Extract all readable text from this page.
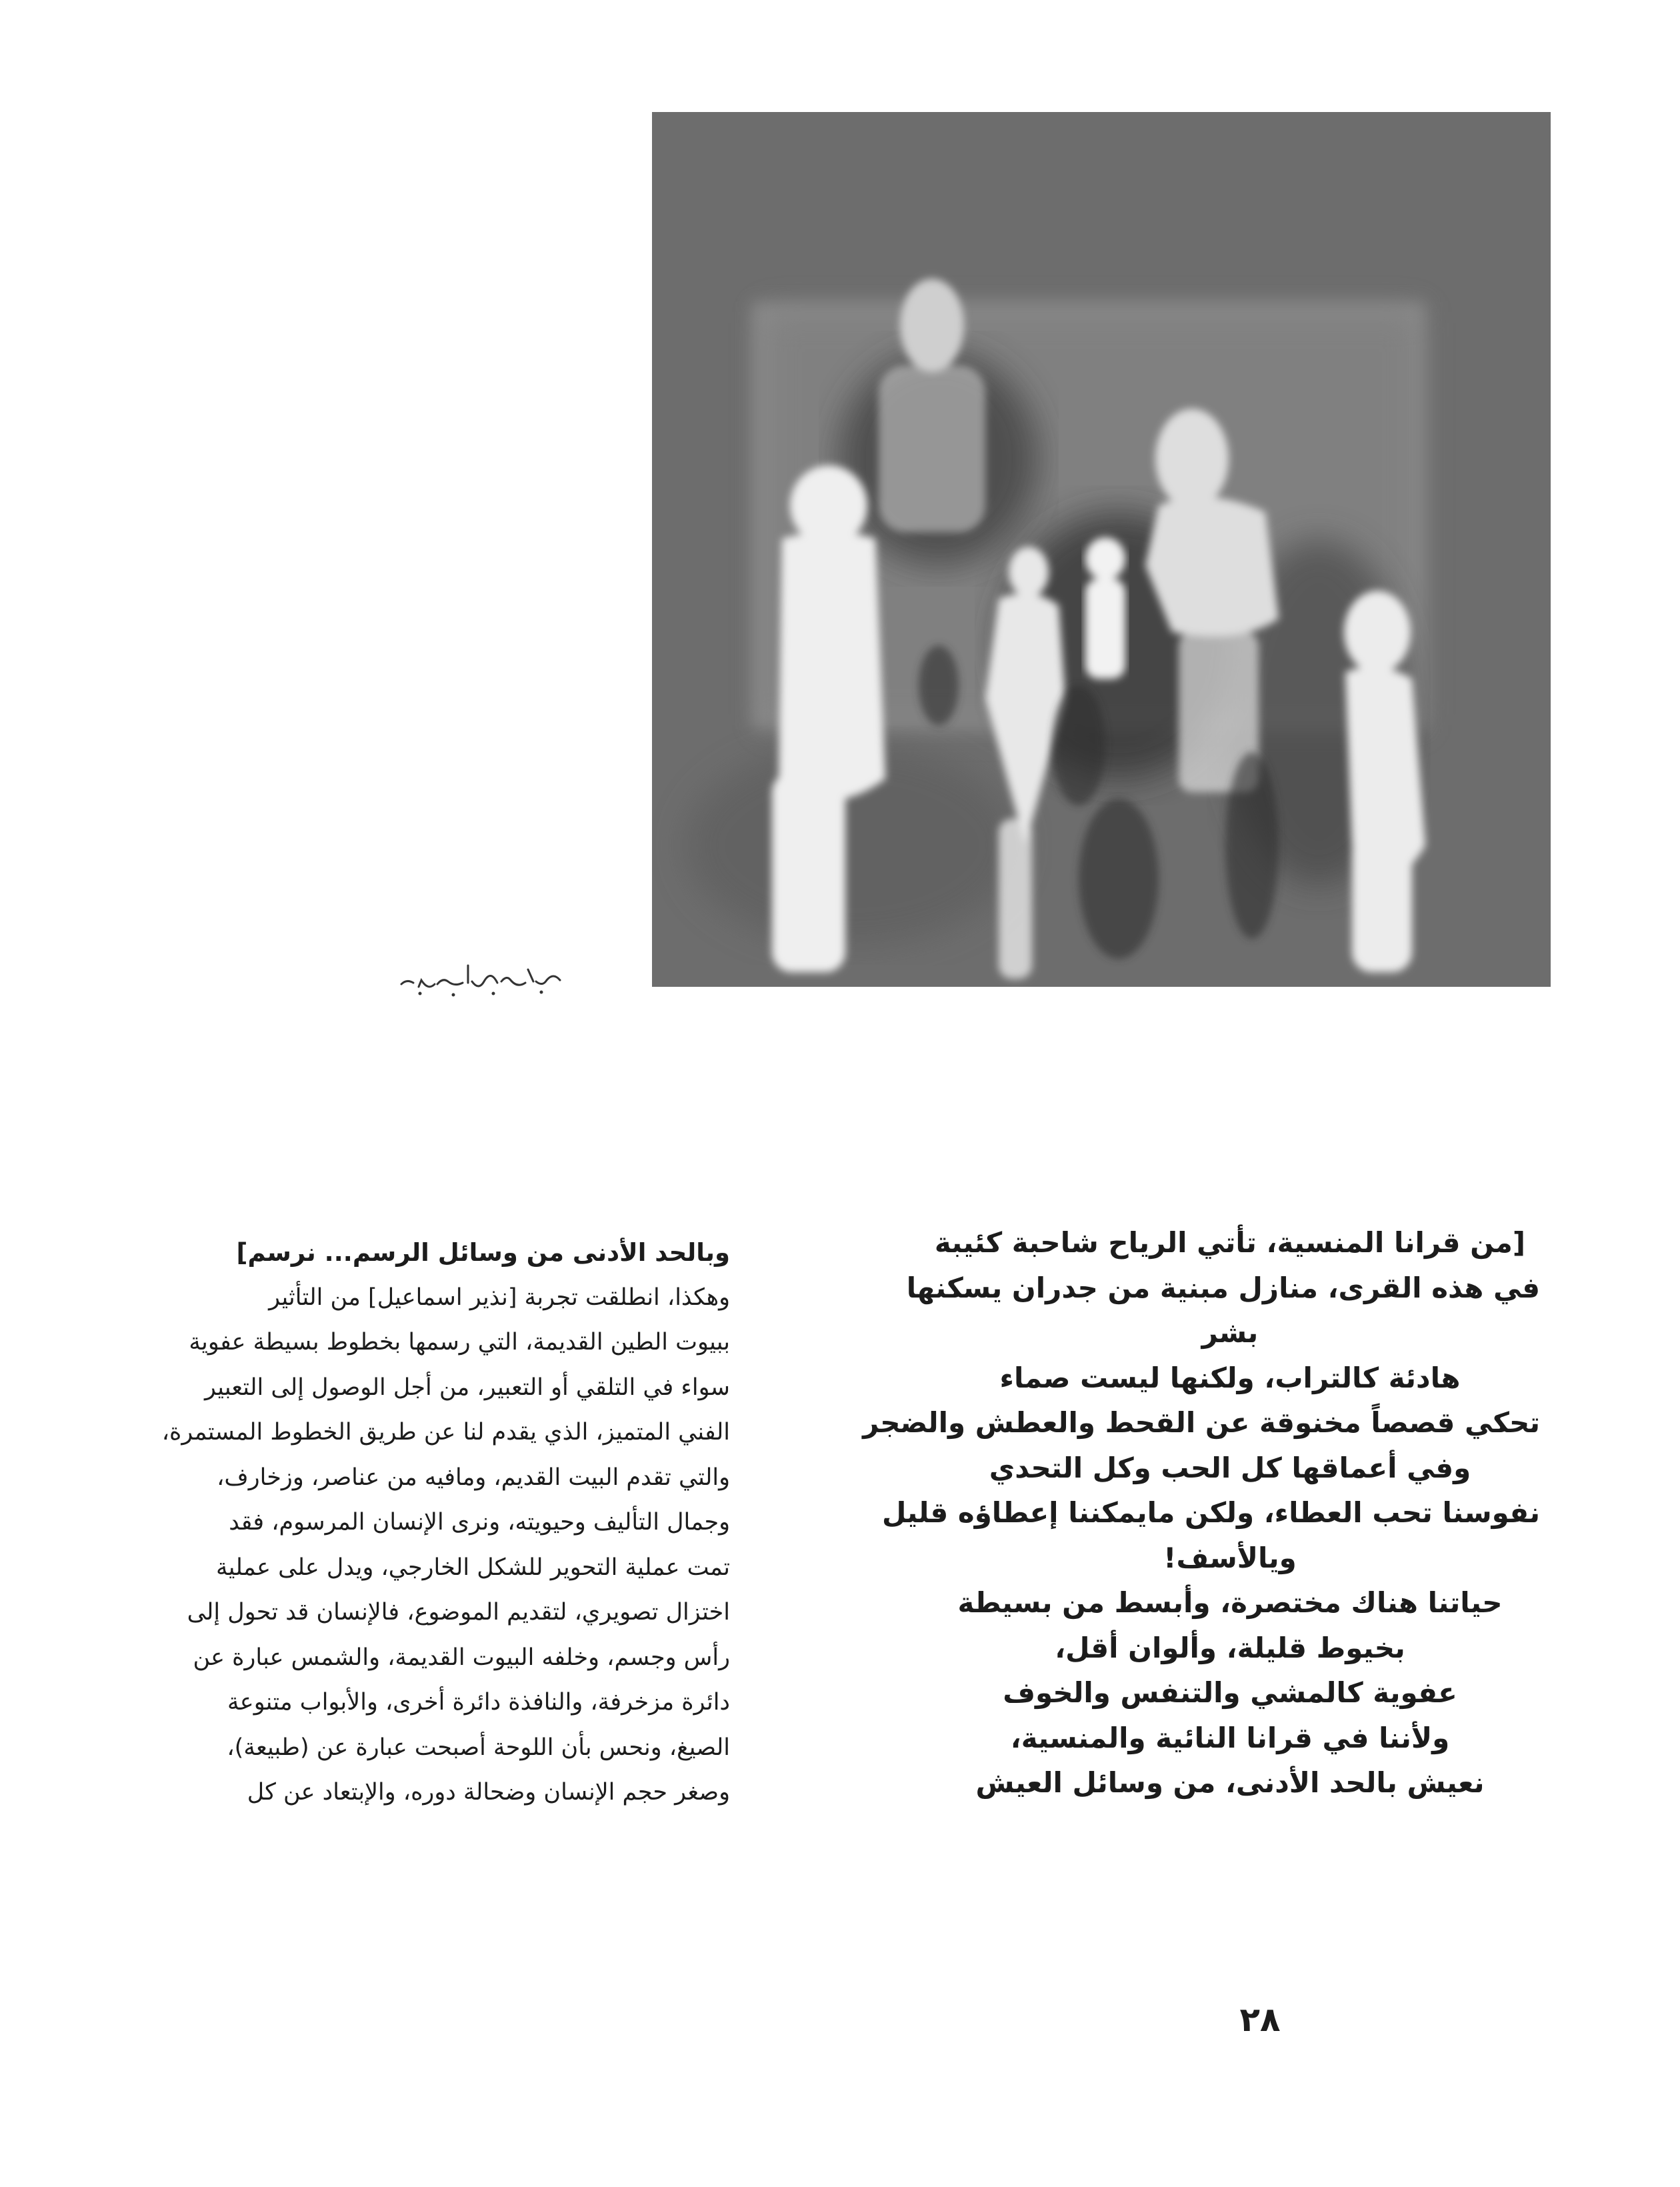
[من قرانا المنسية، تأتي الرياح شاحبة كئيبة
في هذه القرى، منازل مبنية من جدران يسكنها
بشر
هادئة كالتراب، ولكنها ليست صماء
تحكي قصصاً مخنوقة عن القحط والعطش والضجر
وفي أعماقها كل الحب وكل التحدي
نفوسنا تحب العطاء، ولكن مايمكننا إعطاؤه قليل
ويالأسف!
حياتنا هناك مختصرة، وأبسط من بسيطة
بخيوط قليلة، وألوان أقل،
عفوية كالمشي والتنفس والخوف
ولأننا في قرانا النائية والمنسية،
نعيش بالحد الأدنى، من وسائل العيش
وبالحد الأدنى من وسائل الرسم... نرسم]
وهكذا، انطلقت تجربة [نذير اسماعيل] من التأثير
ببيوت الطين القديمة، التي رسمها بخطوط بسيطة عفوية
سواء في التلقي أو التعبير، من أجل الوصول إلى التعبير
الفني المتميز، الذي يقدم لنا عن طريق الخطوط المستمرة،
والتي تقدم البيت القديم، ومافيه من عناصر، وزخارف،
وجمال التأليف وحيويته، ونرى الإنسان المرسوم، فقد
تمت عملية التحوير للشكل الخارجي، ويدل على عملية
اختزال تصويري، لتقديم الموضوع، فالإنسان قد تحول إلى
رأس وجسم، وخلفه البيوت القديمة، والشمس عبارة عن
دائرة مزخرفة، والنافذة دائرة أخرى، والأبواب متنوعة
الصيغ، ونحس بأن اللوحة أصبحت عبارة عن (طبيعة)،
وصغر حجم الإنسان وضحالة دوره، والإبتعاد عن كل
٢٨
